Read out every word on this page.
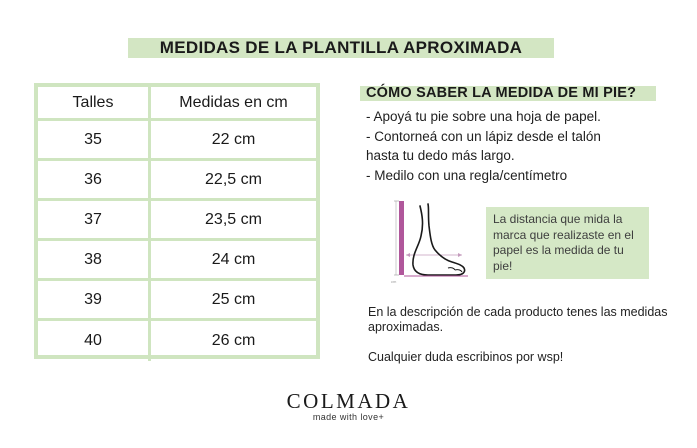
MEDIDAS DE LA PLANTILLA APROXIMADA
Talles	Medidas en cm
35	22 cm
36	22,5 cm
37	23,5 cm
38	24 cm
39	25 cm
40	26 cm
CÓMO SABER LA MEDIDA DE MI PIE?
- Apoyá tu pie sobre una hoja de papel.
- Contorneá con un lápiz desde el talón
hasta tu dedo más largo.
- Medilo con una regla/centímetro
cm
La distancia que mida la marca que realizaste en el papel es la medida de tu pie!
En la descripción de cada producto tenes las medidas aproximadas.
Cualquier duda escribinos por wsp!
COLMADA
made with love+
